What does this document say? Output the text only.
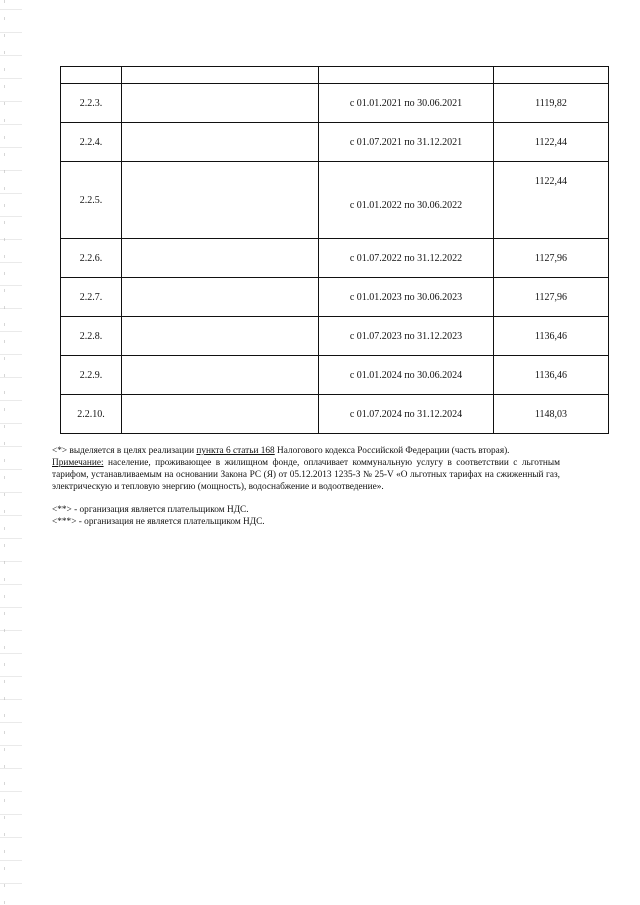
2.2.3.		с 01.01.2021 по 30.06.2021	1119,82
2.2.4.		с 01.07.2021 по 31.12.2021	1122,44
2.2.5.		с 01.01.2022 по 30.06.2022	1122,44
2.2.6.		с 01.07.2022 по 31.12.2022	1127,96
2.2.7.		с 01.01.2023 по 30.06.2023	1127,96
2.2.8.		с 01.07.2023 по 31.12.2023	1136,46
2.2.9.		с 01.01.2024 по 30.06.2024	1136,46
2.2.10.		с 01.07.2024 по 31.12.2024	1148,03

<*> выделяется в целях реализации пункта 6 статьи 168 Налогового кодекса Российской Федерации (часть вторая).

Примечание: население, проживающее в жилищном фонде, оплачивает коммунальную услугу в соответствии с льготным тарифом, устанавливаемым на основании Закона РС (Я) от 05.12.2013 1235-З № 25-V «О льготных тарифах на сжиженный газ, электрическую и тепловую энергию (мощность), водоснабжение и водоотведение».

<**> - организация является плательщиком НДС.

<***> - организация не является плательщиком НДС.
